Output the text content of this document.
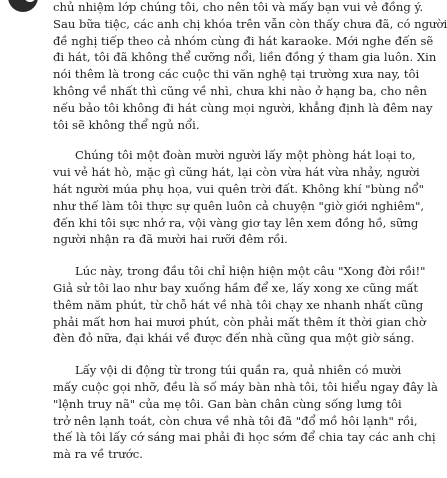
chủ nhiệm lớp chúng tôi, cho nên tôi và mấy bạn vui vẻ đồng ý.
Sau bữa tiệc, các anh chị khóa trên vẫn còn thấy chưa đã, có người
đề nghị tiếp theo cả nhóm cùng đi hát karaoke. Mới nghe đến sẽ
đi hát, tôi đã không thể cưỡng nổi, liền đồng ý tham gia luôn. Xin
nói thêm là trong các cuộc thi văn nghệ tại trường xưa nay, tôi
không về nhất thì cũng về nhì, chưa khi nào ở hạng ba, cho nên
nếu bảo tôi không đi hát cùng mọi người, khẳng định là đêm nay
tôi sẽ không thể ngủ nổi.

Chúng tôi một đoàn mười người lấy một phòng hát loại to,
vui vẻ hát hò, mặc gì cũng hát, lại còn vừa hát vừa nhảy, người
hát người múa phụ họa, vui quên trời đất. Không khí "bùng nổ"
như thế làm tôi thực sự quên luôn cả chuyện "giờ giới nghiêm",
đến khi tôi sực nhớ ra, vội vàng giơ tay lên xem đồng hồ, sững
người nhận ra đã mười hai rưỡi đêm rồi.

Lúc này, trong đầu tôi chỉ hiện hiện một câu "Xong đời rồi!"
Giả sử tôi lao như bay xuống hầm để xe, lấy xong xe cũng mất
thêm năm phút, từ chỗ hát về nhà tôi chạy xe nhanh nhất cũng
phải mất hơn hai mươi phút, còn phải mất thêm ít thời gian chờ
đèn đỏ nữa, đại khái về được đến nhà cũng qua một giờ sáng.

Lấy vội di động từ trong túi quần ra, quả nhiên có mười
mấy cuộc gọi nhỡ, đều là số máy bàn nhà tôi, tôi hiểu ngay đây là
"lệnh truy nã" của mẹ tôi. Gan bàn chân cùng sống lưng tôi
trở nên lạnh toát, còn chưa về nhà tôi đã "đổ mồ hôi lạnh" rồi,
thế là tôi lấy cớ sáng mai phải đi học sớm để chia tay các anh chị
mà ra về trước.
